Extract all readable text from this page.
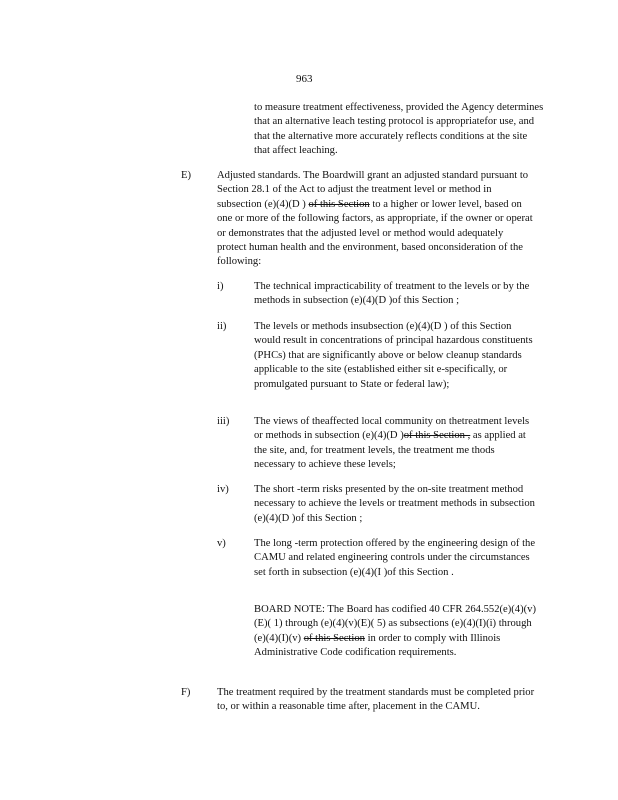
963

to measure treatment effectiveness, provided the Agency determines that an alternative leach testing protocol is appropriatefor use, and that the alternative more accurately reflects conditions at the site that affect leaching.

E) Adjusted standards. The Boardwill grant an adjusted standard pursuant to Section 28.1 of the Act to adjust the treatment level or method in subsection (e)(4)(D ) of this Section to a higher or lower level, based on one or more of the following factors, as appropriate, if the owner or operat or demonstrates that the adjusted level or method would adequately protect human health and the environment, based onconsideration of the following:

i)	The technical impracticability of treatment to the levels or by the methods in subsection (e)(4)(D )of this Section ;

ii)	The levels or methods insubsection (e)(4)(D ) of this Section would result in concentrations of principal hazardous constituents (PHCs) that are significantly above or below cleanup standards applicable to the site (established either sit e-specifically, or promulgated pursuant to State or federal law);

iii) The views of theaffected local community on thetreatment levels or methods in subsection (e)(4)(D )of this Section , as applied at the site, and, for treatment levels, the treatment me thods necessary to achieve these levels;

iv) The short -term risks presented by the on-site treatment method necessary to achieve the levels or treatment methods in subsection (e)(4)(D )of this Section ;

v)	The long -term protection offered by the engineering design of the CAMU and related engineering controls under the circumstances set forth in subsection (e)(4)(I )of this Section .

BOARD NOTE: The Board has codified 40 CFR 264.552(e)(4)(v)(E)( 1) through (e)(4)(v)(E)( 5) as subsections (e)(4)(I)(i) through (e)(4)(I)(v) of this Section in order to comply with Illinois Administrative Code codification requirements.

F)	The treatment required by the treatment standards must be completed prior to, or within a reasonable time after, placement in the CAMU.
